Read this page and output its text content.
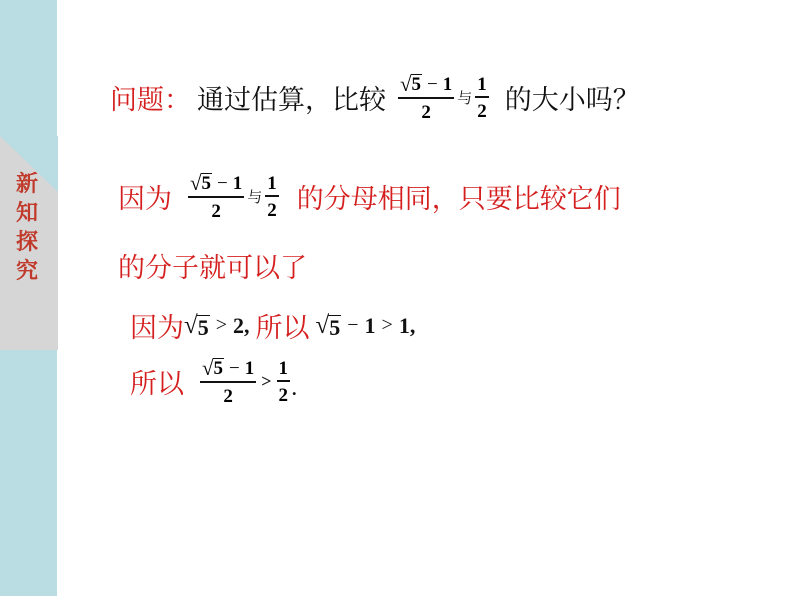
新
知
探
究
问题： 通过估算，比较 $\frac{√ 5 - 1}{2}$ 与 $\frac{1}{2}$ 的大小吗？
因为 $\frac{√ 5 - 1}{2}$ 与 $\frac{1}{2}$ 的分母相同，只要比较它们
的分子就可以了
因为 √ 5 > 2, 所以 √ 5 − 1 > 1,
所以 $\frac{√ 5 - 1}{2} > \frac{1}{2}$ .
